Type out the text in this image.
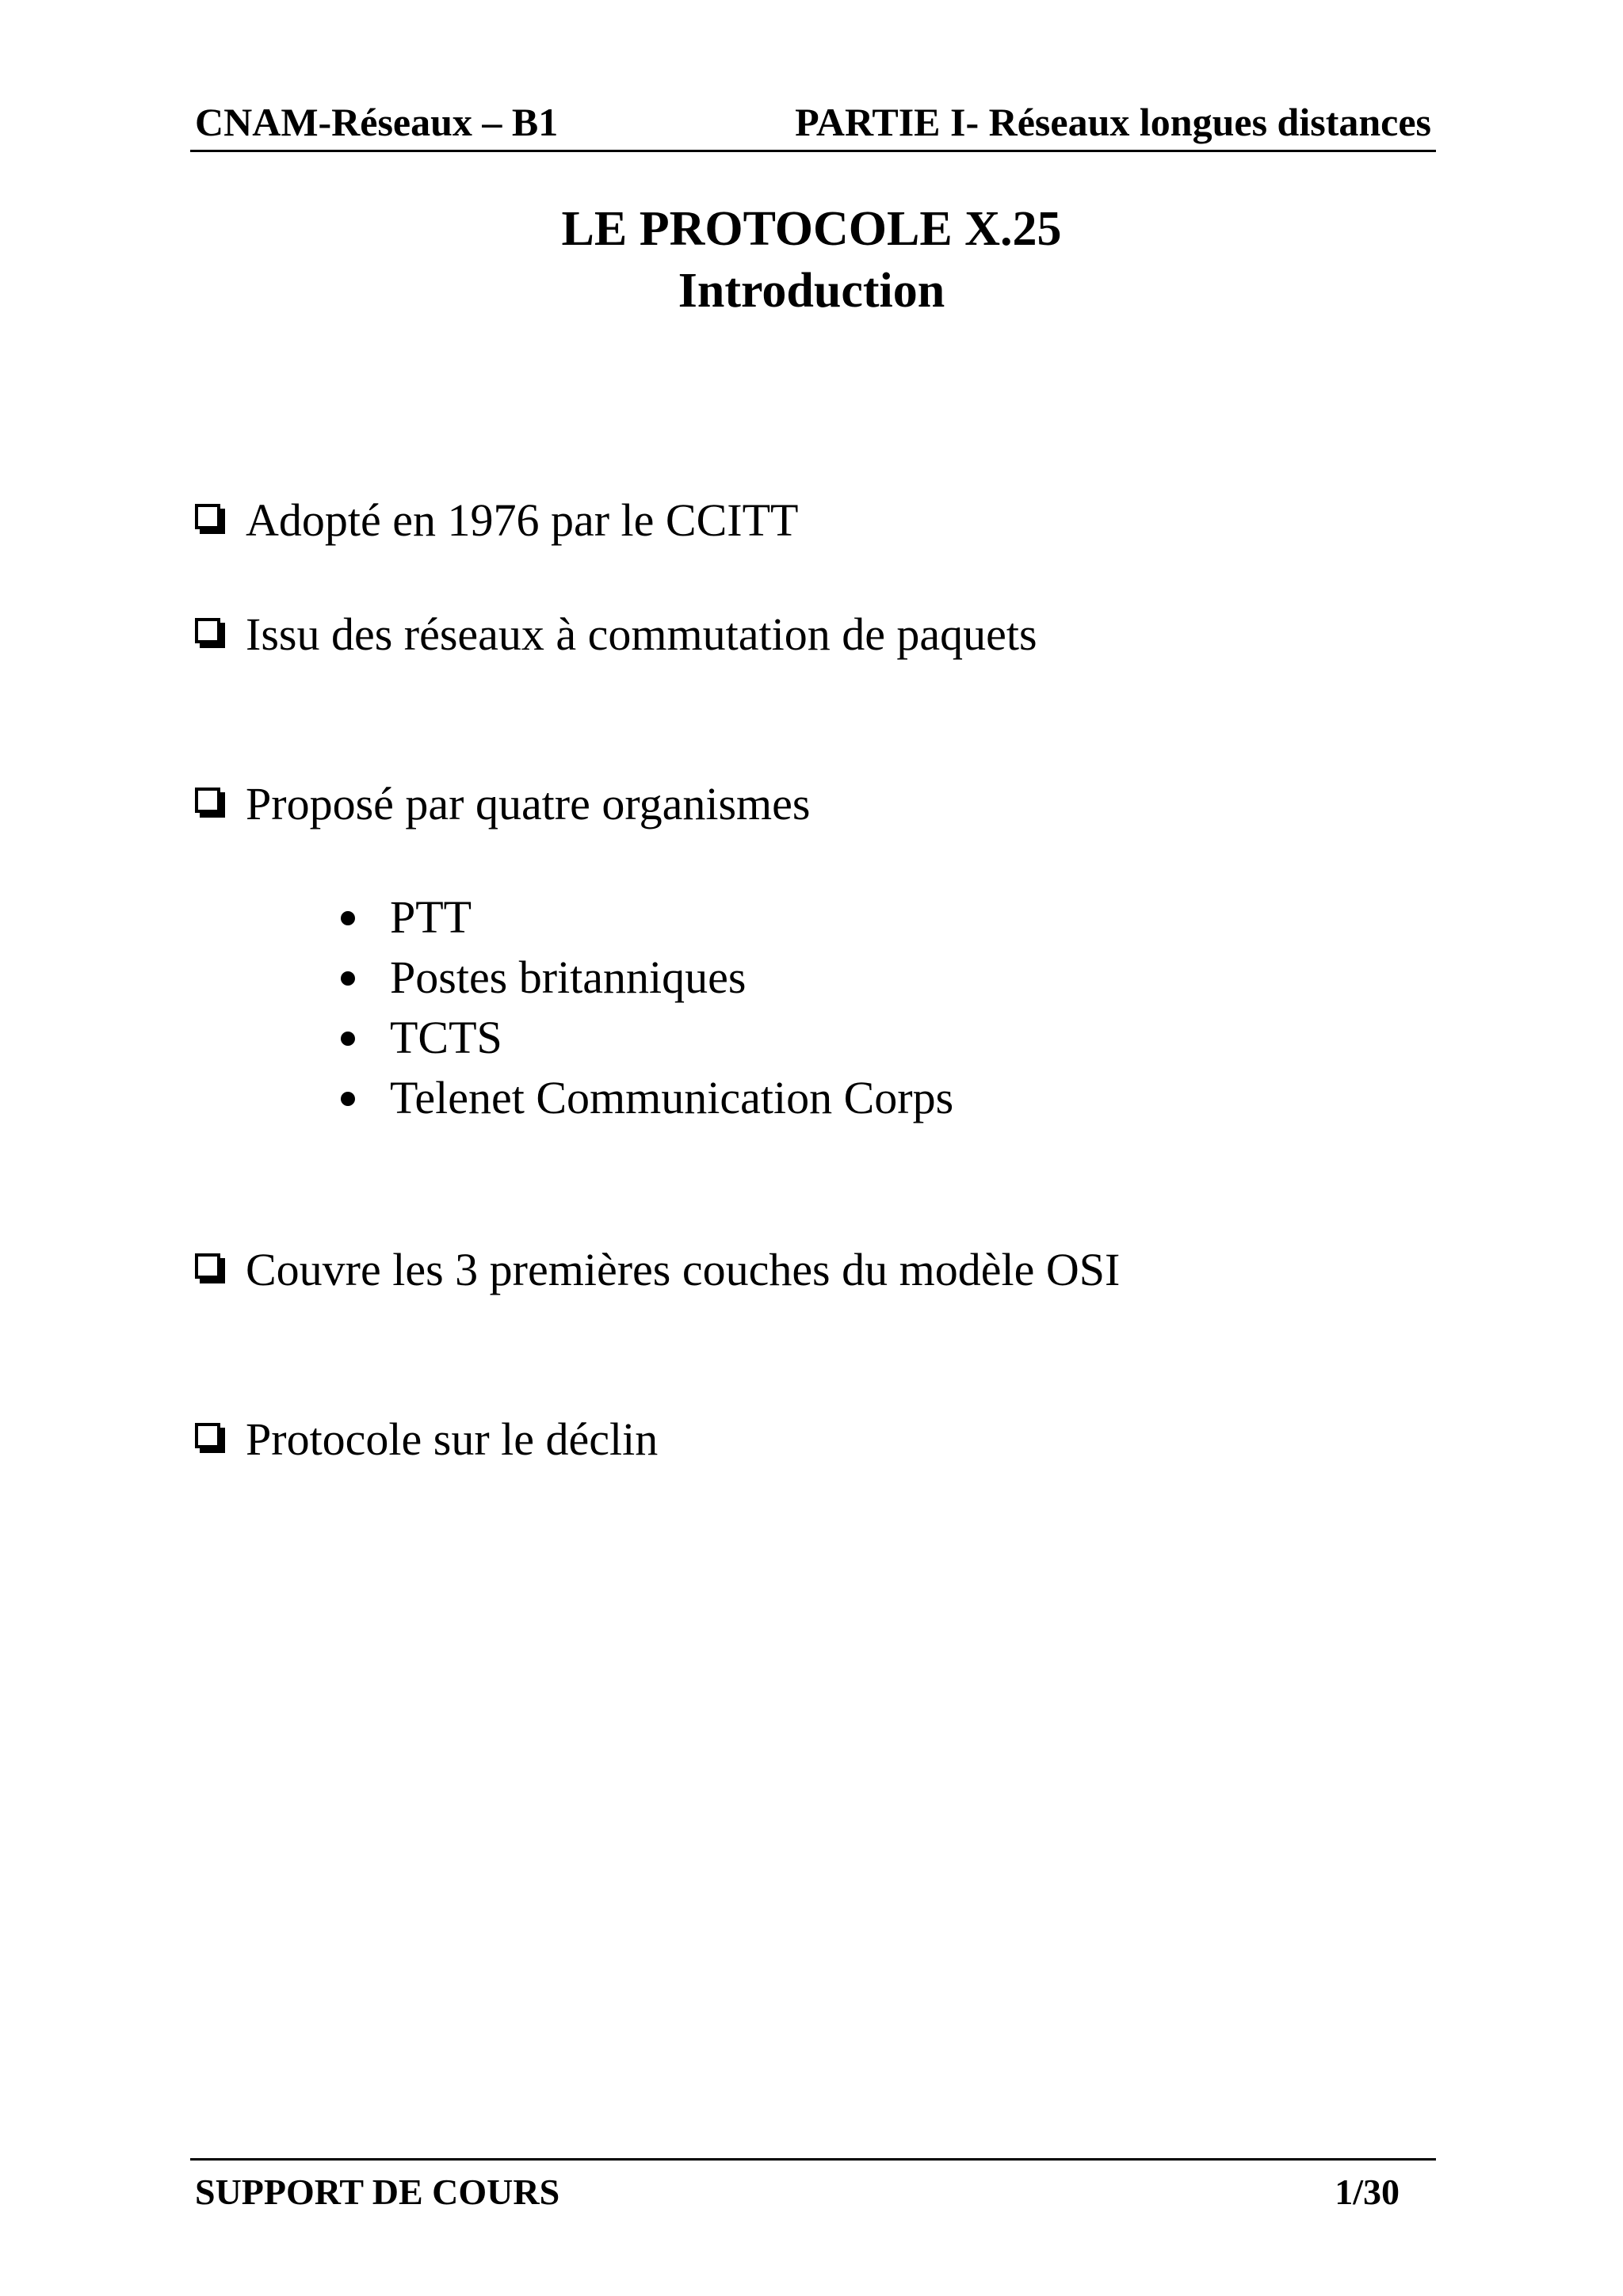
CNAM-Réseaux – B1	PARTIE I- Réseaux longues distances
LE PROTOCOLE X.25
Introduction
Adopté en 1976 par le CCITT
Issu des réseaux à commutation de paquets
Proposé par quatre organismes
PTT
Postes britanniques
TCTS
Telenet Communication Corps
Couvre les 3 premières couches du modèle OSI
Protocole sur le déclin
SUPPORT DE COURS	1/30
